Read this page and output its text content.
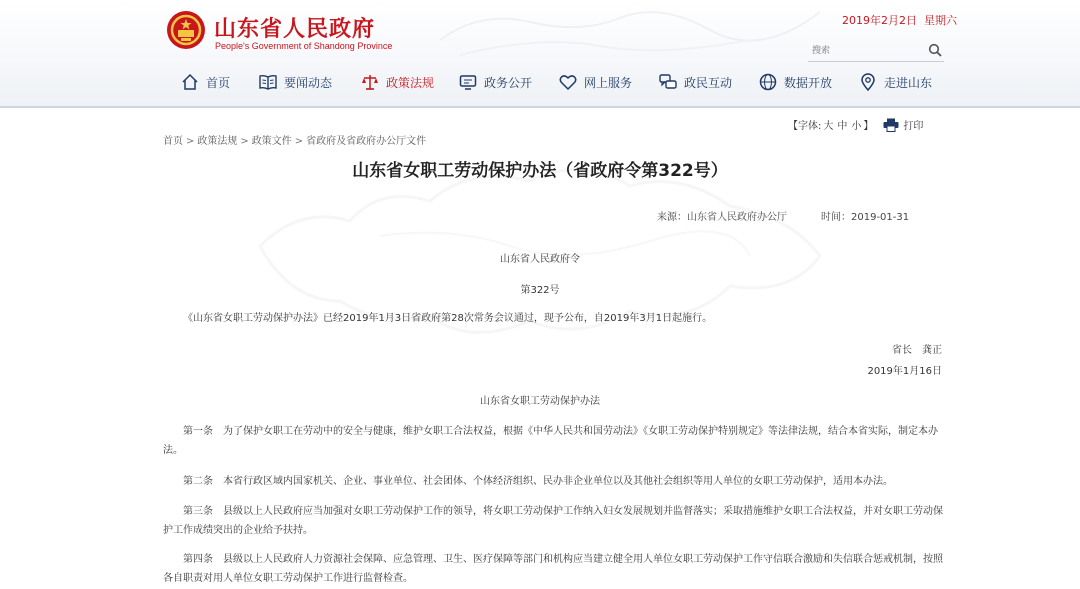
山东省人民政府
People's Government of Shandong Province
2019年2月2日 星期六
搜索
首页	要闻动态	政策法规	政务公开	网上服务	政民互动	数据开放	走进山东
首页 > 政策法规 > 政策文件 > 省政府及省政府办公厅文件
【字体: 大 中 小 】	打印
山东省女职工劳动保护办法（省政府令第322号）
来源：山东省人民政府办公厅	时间：2019-01-31
山东省人民政府令
第322号
《山东省女职工劳动保护办法》已经2019年1月3日省政府第28次常务会议通过，现予公布，自2019年3月1日起施行。
省长　龚正
2019年1月16日
山东省女职工劳动保护办法
第一条　为了保护女职工在劳动中的安全与健康，维护女职工合法权益，根据《中华人民共和国劳动法》《女职工劳动保护特别规定》等法律法规，结合本省实际，制定本办法。
第二条　本省行政区域内国家机关、企业、事业单位、社会团体、个体经济组织、民办非企业单位以及其他社会组织等用人单位的女职工劳动保护，适用本办法。
第三条　县级以上人民政府应当加强对女职工劳动保护工作的领导，将女职工劳动保护工作纳入妇女发展规划并监督落实；采取措施维护女职工合法权益，并对女职工劳动保护工作成绩突出的企业给予扶持。
第四条　县级以上人民政府人力资源社会保障、应急管理、卫生、医疗保障等部门和机构应当建立健全用人单位女职工劳动保护工作守信联合激励和失信联合惩戒机制，按照各自职责对用人单位女职工劳动保护工作进行监督检查。
